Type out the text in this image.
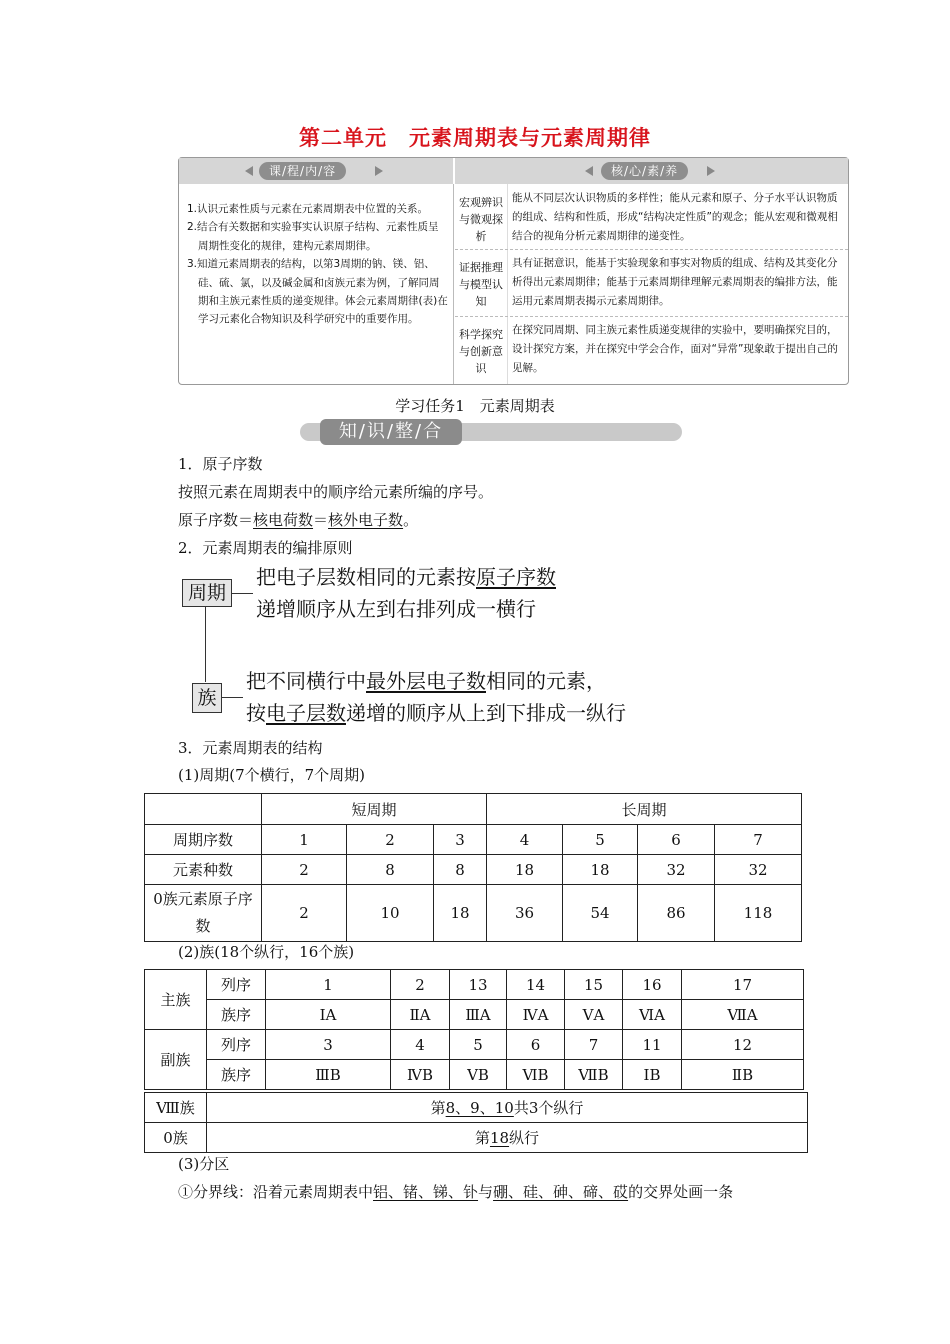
第二单元　元素周期表与元素周期律
课/程/内/容	核/心/素/养

1.认识元素性质与元素在元素周期表中位置的关系。

2.结合有关数据和实验事实认识原子结构、元素性质呈周期性变化的规律，建构元素周期律。

3.知道元素周期表的结构，以第3周期的钠、镁、铝、硅、硫、氯，以及碱金属和卤族元素为例，了解同周期和主族元素性质的递变规律。体会元素周期律(表)在学习元素化合物知识及科学研究中的重要作用。

宏观辨识与微观探析
能从不同层次认识物质的多样性；能从元素和原子、分子水平认识物质的组成、结构和性质，形成“结构决定性质”的观念；能从宏观和微观相结合的视角分析元素周期律的递变性。
证据推理与模型认知
具有证据意识，能基于实验现象和事实对物质的组成、结构及其变化分析得出元素周期律；能基于元素周期律理解元素周期表的编排方法，能运用元素周期表揭示元素周期律。
科学探究与创新意识
在探究同周期、同主族元素性质递变规律的实验中，要明确探究目的，设计探究方案，并在探究中学会合作，面对“异常”现象敢于提出自己的见解。
学习任务1　元素周期表
知/识/整/合
1．原子序数
按照元素在周期表中的顺序给元素所编的序号。
原子序数＝核电荷数＝核外电子数。
2．元素周期表的编排原则
周期
把电子层数相同的元素按原子序数
递增顺序从左到右排列成一横行
族
把不同横行中最外层电子数相同的元素，
按电子层数递增的顺序从上到下排成一纵行
3．元素周期表的结构
(1)周期(7个横行，7个周期)
	短周期			长周期			
周期序数	1	2	3	4	5	6	7
元素种数	2	8	8	18	18	32	32
0族元素原子序数	2	10	18	36	54	86	118
(2)族(18个纵行，16个族)
主族	列序	1	2	13	14	15	16	17
	族序	ⅠA	ⅡA	ⅢA	ⅣA	ⅤA	ⅥA	ⅦA
副族	列序	3	4	5	6	7	11	12
	族序	ⅢB	ⅣB	ⅤB	ⅥB	ⅦB	ⅠB	ⅡB
Ⅷ族	第8、9、10共3个纵行
0族	第18纵行
(3)分区
①分界线：沿着元素周期表中铝、锗、锑、钋与硼、硅、砷、碲、砹的交界处画一条
